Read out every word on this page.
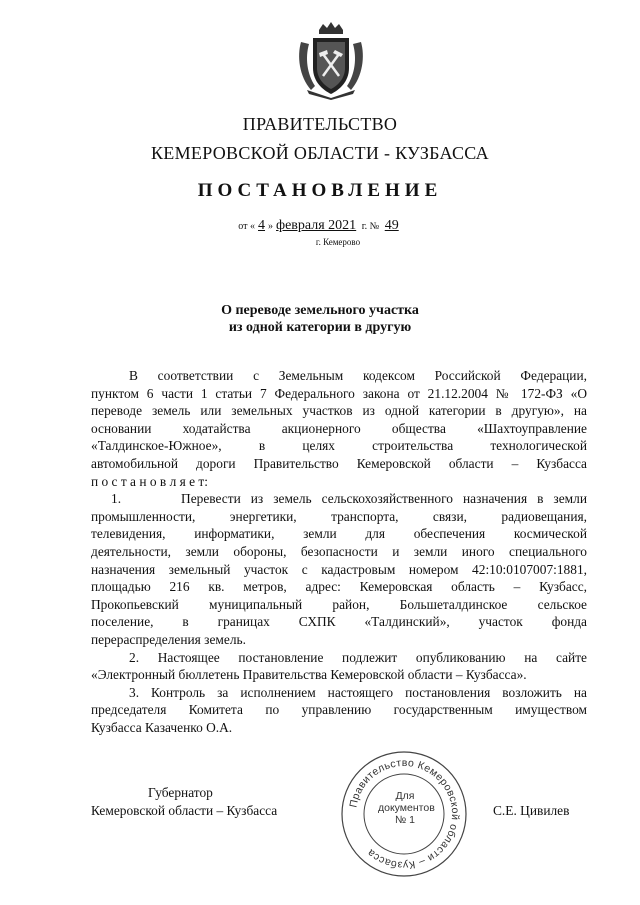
ПРАВИТЕЛЬСТВО
КЕМЕРОВСКОЙ ОБЛАСТИ - КУЗБАССА
ПОСТАНОВЛЕНИЕ
от « 4 » февраля 2021 г. № 49
г. Кемерово
О переводе земельного участка
из одной категории в другую

В соответствии с Земельным кодексом Российской Федерации,

пунктом 6 части 1 статьи 7 Федерального закона от 21.12.2004 № 172-ФЗ «О

переводе земель или земельных участков из одной категории в другую», на

основании ходатайства акционерного общества «Шахтоуправление

«Талдинское-Южное», в целях строительства технологической

автомобильной дороги Правительство Кемеровской области – Кузбасса

п о с т а н о в л я е т:

1.      Перевести из земель сельскохозяйственного назначения в земли

промышленности, энергетики, транспорта, связи, радиовещания,

телевидения, информатики, земли для обеспечения космической

деятельности, земли обороны, безопасности и земли иного специального

назначения земельный участок с кадастровым номером 42:10:0107007:1881,

площадью 216 кв. метров, адрес: Кемеровская область – Кузбасс,

Прокопьевский муниципальный район, Большеталдинское сельское

поселение, в границах СХПК «Талдинский», участок фонда

перераспределения земель.

2. Настоящее постановление подлежит опубликованию на сайте

«Электронный бюллетень Правительства Кемеровской области – Кузбасса».

3. Контроль за исполнением настоящего постановления возложить на

председателя Комитета по управлению государственным имуществом

Кузбасса Казаченко О.А.

Губернатор
Кемеровской области – Кузбасса	С.Е. Цивилев
Правительство Кемеровской области – Кузбасса
Для
документов
№ 1
